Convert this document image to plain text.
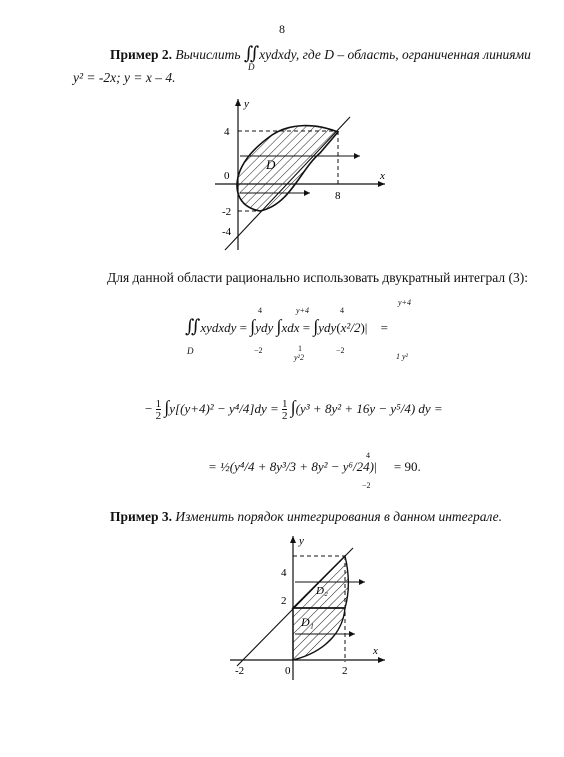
8
Пример 2. Вычислить ∬xydxdy, где D – область, ограниченная линиями
D
y² = -2x; y = x – 4.
y
x
4
0
-2
-4
8
D
Для данной области рационально использовать двукратный интеграл (3):
∬xydxdy = ∫ydy ∫xdx = ∫ydy(x²/2)| =
D
4
−2
y+4
1
y²2
4
−2
y+4
1 y²
− $\frac{1}{2} \int y[(y+4)^2 - y^4/4]dy = \frac{1}{2} \int(y^3 + 8y^2 + 16y - y^5/4)$ dy =
= ½(y⁴/4 + 8y³/3 + 8y² − y⁶/24)| = 90.
4
−2
Пример 3. Изменить порядок интегрирования в данном интеграле.
y
x
4
2
-2	0	2
D₂
D₁
